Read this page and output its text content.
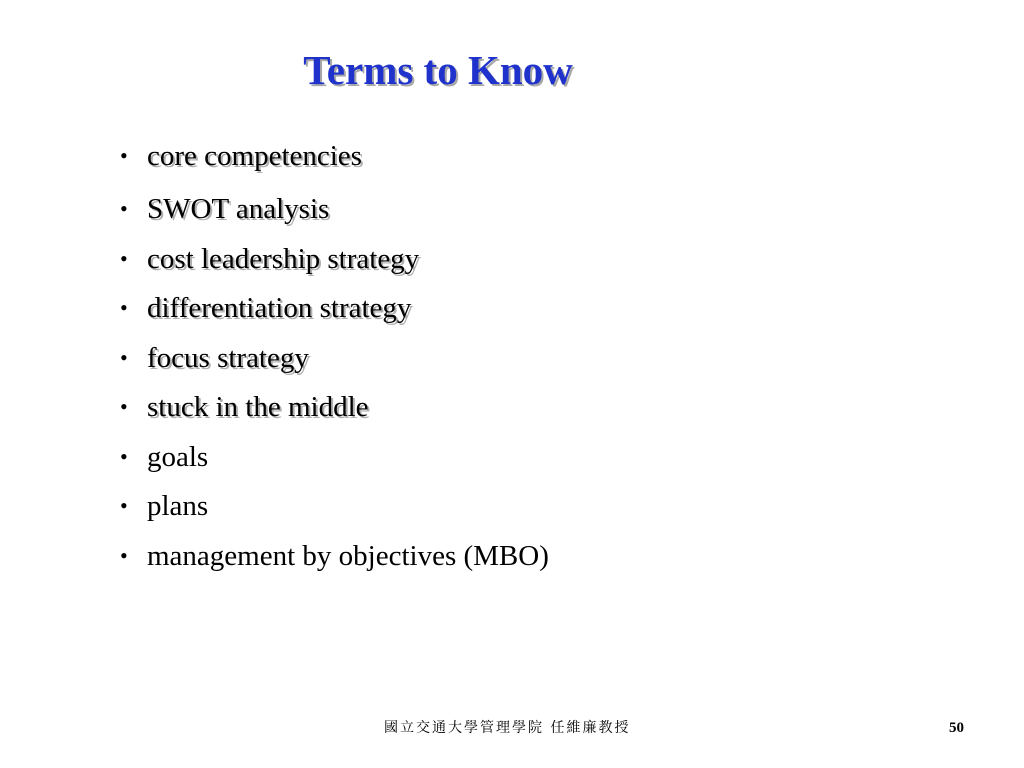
Terms to Know
• core competencies
• SWOT analysis
• cost leadership strategy
• differentiation strategy
• focus strategy
• stuck in the middle
• goals
• plans
• management by objectives (MBO)
國立交通大學管理學院 任維廉教授	50
